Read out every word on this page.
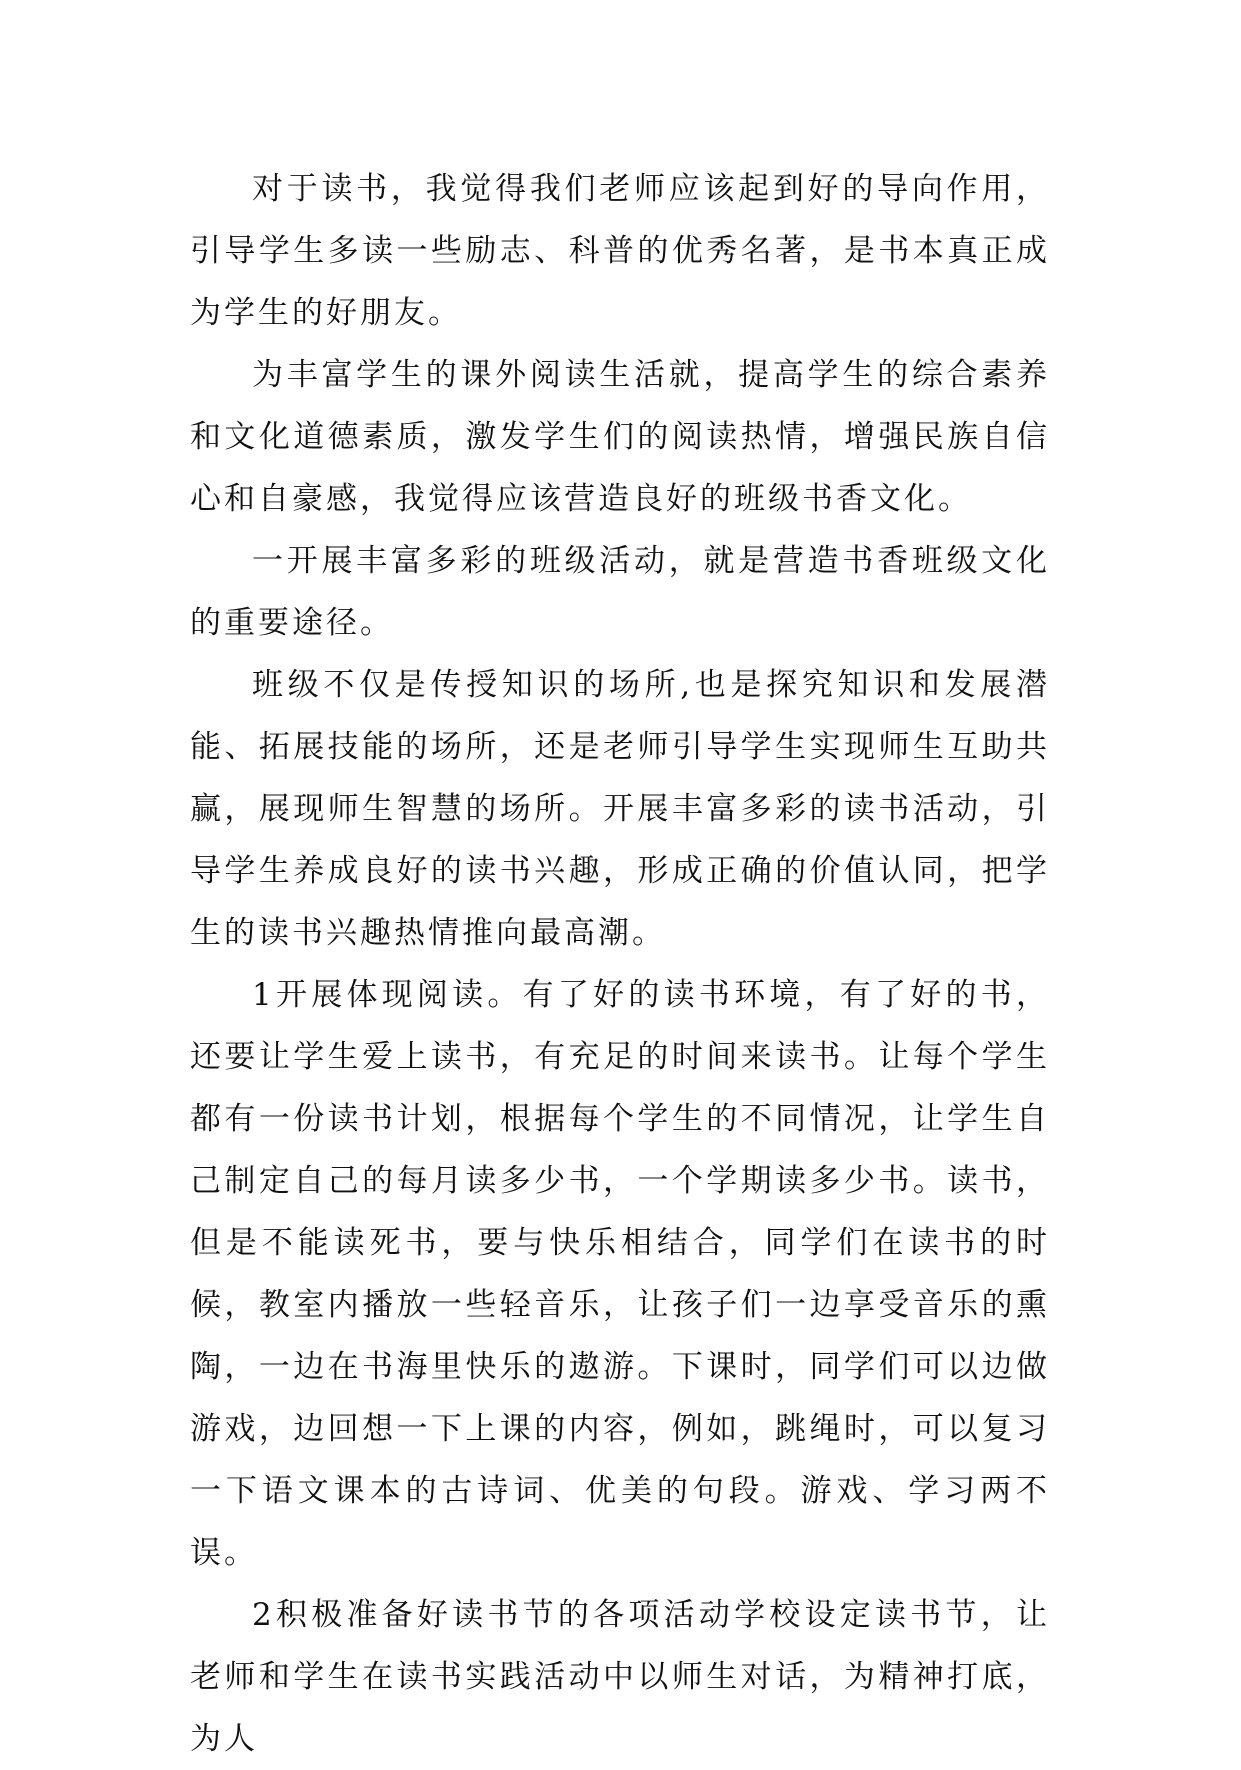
对于读书，我觉得我们老师应该起到好的导向作用，引导学生多读一些励志、科普的优秀名著，是书本真正成为学生的好朋友。

为丰富学生的课外阅读生活就，提高学生的综合素养和文化道德素质，激发学生们的阅读热情，增强民族自信心和自豪感，我觉得应该营造良好的班级书香文化。

一开展丰富多彩的班级活动，就是营造书香班级文化的重要途径。

班级不仅是传授知识的场所,也是探究知识和发展潜能、拓展技能的场所，还是老师引导学生实现师生互助共赢，展现师生智慧的场所。开展丰富多彩的读书活动，引导学生养成良好的读书兴趣，形成正确的价值认同，把学生的读书兴趣热情推向最高潮。

1开展体现阅读。有了好的读书环境，有了好的书，还要让学生爱上读书，有充足的时间来读书。让每个学生都有一份读书计划，根据每个学生的不同情况，让学生自己制定自己的每月读多少书，一个学期读多少书。读书，但是不能读死书，要与快乐相结合，同学们在读书的时候，教室内播放一些轻音乐，让孩子们一边享受音乐的熏陶，一边在书海里快乐的遨游。下课时，同学们可以边做游戏，边回想一下上课的内容，例如，跳绳时，可以复习一下语文课本的古诗词、优美的句段。游戏、学习两不误。

2积极准备好读书节的各项活动学校设定读书节，让老师和学生在读书实践活动中以师生对话，为精神打底，为人
